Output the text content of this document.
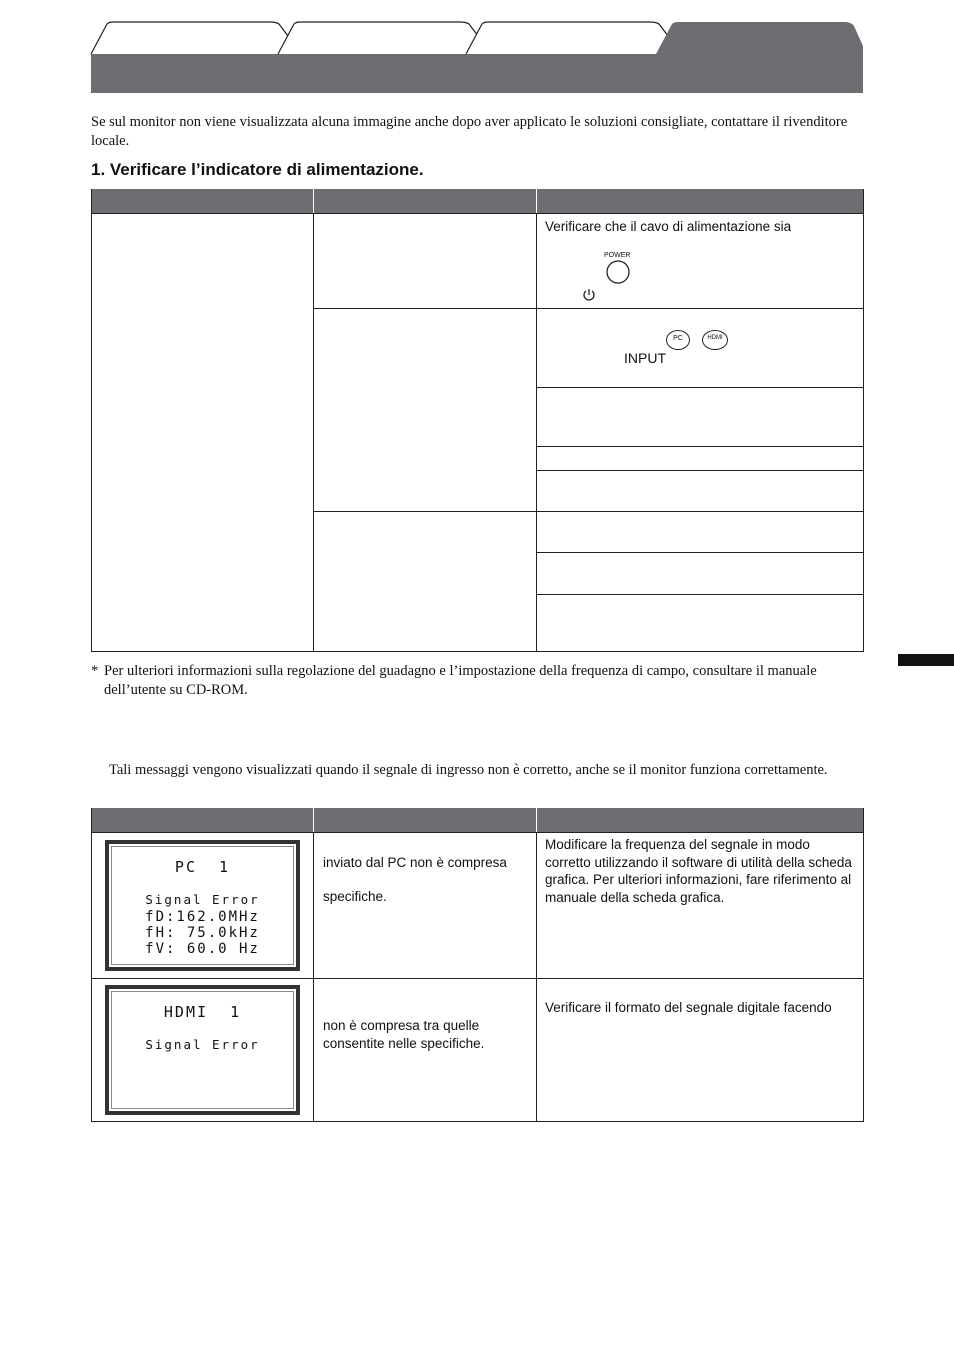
Se sul monitor non viene visualizzata alcuna immagine anche dopo aver applicato le soluzioni consigliate, contattare il rivenditore locale.
1. Verificare l’indicatore di alimentazione.
Verificare che il cavo di alimentazione sia
POWER
PC	HDMI
INPUT
* Per ulteriori informazioni sulla regolazione del guadagno e l’impostazione della frequenza di campo, consultare il manuale dell’utente su CD-ROM.
Tali messaggi vengono visualizzati quando il segnale di ingresso non è corretto, anche se il monitor funziona correttamente.
PC  1
Signal Error
fD:162.0MHz
fH: 75.0kHz
fV: 60.0 Hz
inviato dal PC non è compresa
specifiche.
Modificare la frequenza del segnale in modo corretto utilizzando il software di utilità della scheda grafica. Per ulteriori informazioni, fare riferimento al manuale della scheda grafica.
HDMI  1
Signal Error
non è compresa tra quelle consentite nelle specifiche.
Verificare il formato del segnale digitale facendo
